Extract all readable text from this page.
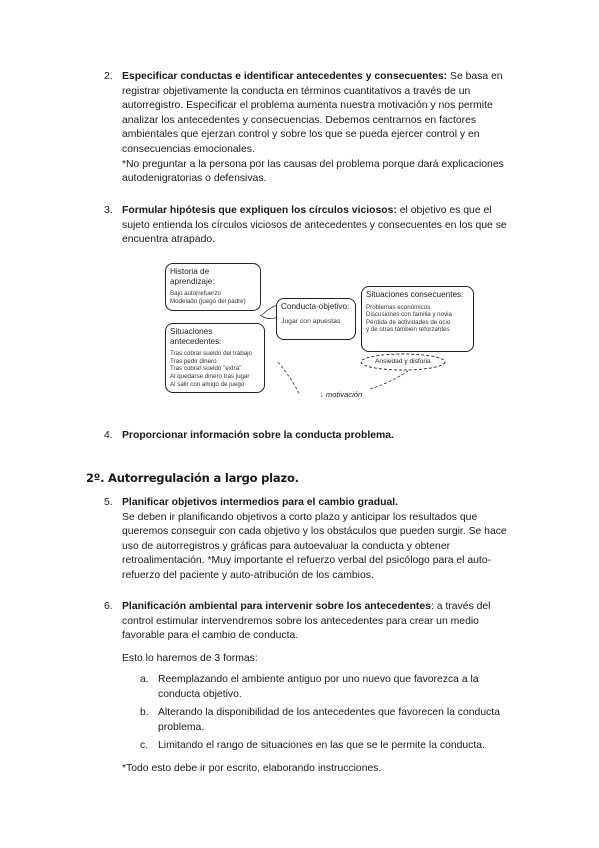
2. Especificar conductas e identificar antecedentes y consecuentes: Se basa en registrar objetivamente la conducta en términos cuantitativos a través de un autorregistro. Especificar el problema aumenta nuestra motivación y nos permite analizar los antecedentes y consecuencias. Debemos centrarnos en factores ambientales que ejerzan control y sobre los que se pueda ejercer control y en consecuencias emocionales.

*No preguntar a la persona por las causas del problema porque dará explicaciones autodenigratorias o defensivas.

3. Formular hipótesis que expliquen los círculos viciosos: el objetivo es que el sujeto entienda los círculos viciosos de antecedentes y consecuentes en los que se encuentra atrapado.

Historia de aprendizaje:
Bajo autorrefuerzo
Modelado (juego del padre)
Conducta-objetivo:
Jugar con apuestas
Situaciones consecuentes:
Problemas económicos
Discusiones con familia y novia
Pérdida de actividades de ocio
y de otras también reforzantes
Situaciones antecedentes:
Tras cobrar sueldo del trabajo
Tras pedir dinero
Tras cobrar sueldo "extra"
Al quedarse dinero tras jugar
Al salir con amigo de juego
Ansiedad y disforia
↓ motivación
4. Proporcionar información sobre la conducta problema.

2º. Autorregulación a largo plazo.
5. Planificar objetivos intermedios para el cambio gradual.

Se deben ir planificando objetivos a corto plazo y anticipar los resultados que queremos conseguir con cada objetivo y los obstáculos que pueden surgir. Se hace uso de autorregistros y gráficas para autoevaluar la conducta y obtener retroalimentación. *Muy importante el refuerzo verbal del psicólogo para el auto-refuerzo del paciente y auto-atribución de los cambios.

6. Planificación ambiental para intervenir sobre los antecedentes: a través del control estimular intervendremos sobre los antecedentes para crear un medio favorable para el cambio de conducta.

Esto lo haremos de 3 formas:
a. Reemplazando el ambiente antiguo por uno nuevo que favorezca a la conducta objetivo.
b. Alterando la disponibilidad de los antecedentes que favorecen la conducta problema.
c. Limitando el rango de situaciones en las que se le permite la conducta.
*Todo esto debe ir por escrito, elaborando instrucciones.
